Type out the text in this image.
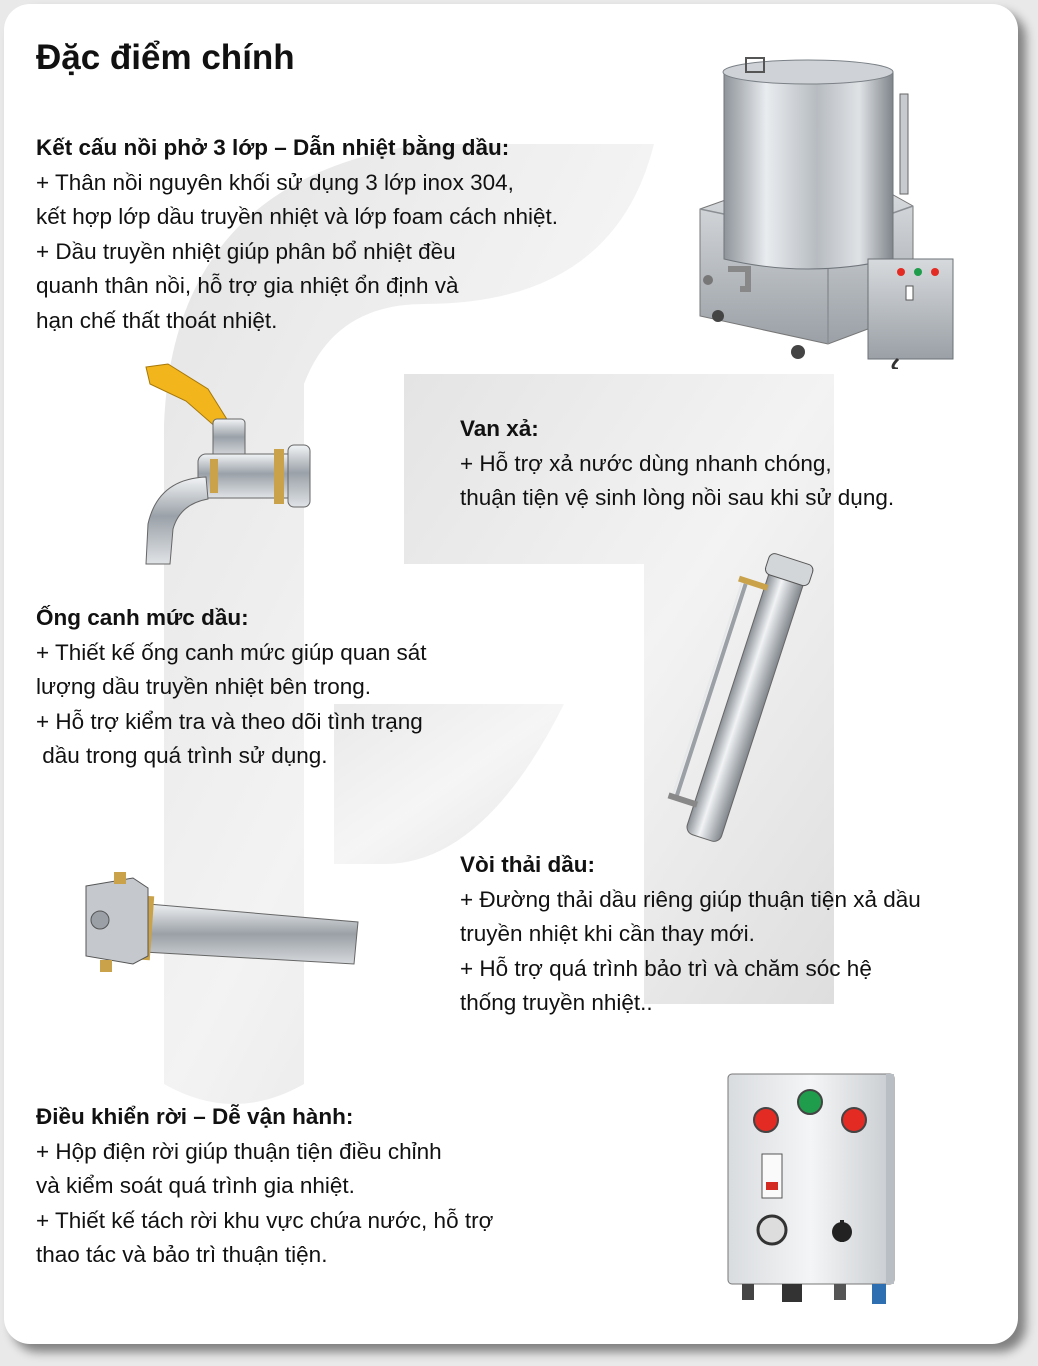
Đặc điểm chính
Kết cấu nồi phở 3 lớp – Dẫn nhiệt bằng dầu:
+ Thân nồi nguyên khối sử dụng 3 lớp inox 304,
kết hợp lớp dầu truyền nhiệt và lớp foam cách nhiệt.
+ Dầu truyền nhiệt giúp phân bổ nhiệt đều
quanh thân nồi, hỗ trợ gia nhiệt ổn định và
hạn chế thất thoát nhiệt.
Van xả:
+ Hỗ trợ xả nước dùng nhanh chóng,
thuận tiện vệ sinh lòng nồi sau khi sử dụng.
Ống canh mức dầu:
+ Thiết kế ống canh mức giúp quan sát
lượng dầu truyền nhiệt bên trong.
+ Hỗ trợ kiểm tra và theo dõi tình trạng
dầu trong quá trình sử dụng.
Vòi thải dầu:
+ Đường thải dầu riêng giúp thuận tiện xả dầu
truyền nhiệt khi cần thay mới.
+ Hỗ trợ quá trình bảo trì và chăm sóc hệ
thống truyền nhiệt..
Điều khiển rời – Dễ vận hành:
+ Hộp điện rời giúp thuận tiện điều chỉnh
và kiểm soát quá trình gia nhiệt.
+ Thiết kế tách rời khu vực chứa nước, hỗ trợ
thao tác và bảo trì thuận tiện.
